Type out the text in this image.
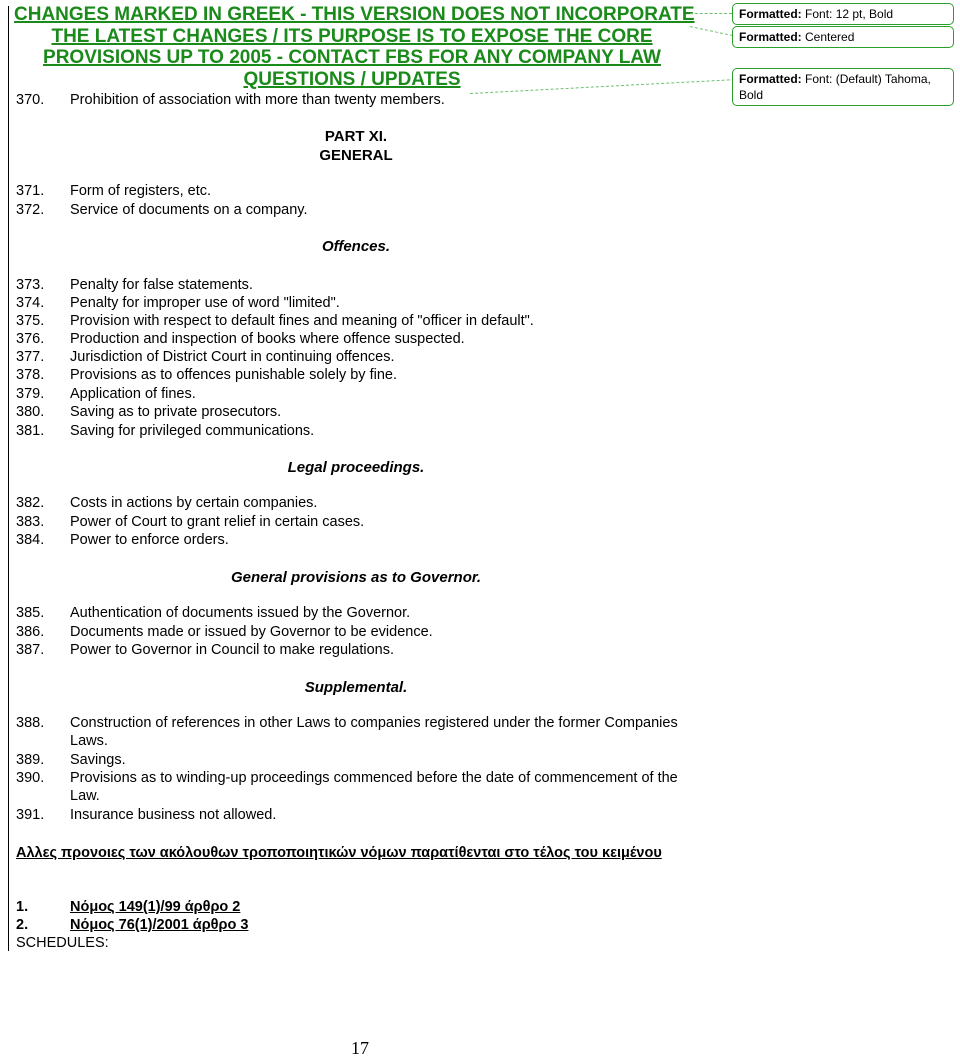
CHANGES MARKED IN GREEK - THIS VERSION DOES NOT INCORPORATE
THE LATEST CHANGES / ITS PURPOSE IS TO EXPOSE THE CORE
PROVISIONS UP TO 2005 - CONTACT FBS FOR ANY COMPANY LAW
QUESTIONS / UPDATES
Formatted: Font: 12 pt, Bold
Formatted: Centered
Formatted: Font: (Default) Tahoma, Bold
370.	Prohibition of association with more than twenty members.
PART XI.
GENERAL
371.	Form of registers, etc.
372.	Service of documents on a company.
Offences.
373.	Penalty for false statements.
374.	Penalty for improper use of word "limited".
375.	Provision with respect to default fines and meaning of "officer in default".
376.	Production and inspection of books where offence suspected.
377.	Jurisdiction of District Court in continuing offences.
378.	Provisions as to offences punishable solely by fine.
379.	Application of fines.
380.	Saving as to private prosecutors.
381.	Saving for privileged communications.
Legal proceedings.
382.	Costs in actions by certain companies.
383.	Power of Court to grant relief in certain cases.
384.	Power to enforce orders.
General provisions as to Governor.
385.	Authentication of documents issued by the Governor.
386.	Documents made or issued by Governor to be evidence.
387.	Power to Governor in Council to make regulations.
Supplemental.
388.	Construction of references in other Laws to companies registered under the former Companies Laws.
389.	Savings.
390.	Provisions as to winding-up proceedings commenced before the date of commencement of the Law.
391.	Insurance business not allowed.
Αλλες προνοιες των ακόλουθων τροποποιητικών νόμων παρατίθενται στο τέλος του κειμένου
1.	Νόμος 149(1)/99 άρθρο 2
2.	Νόμος 76(1)/2001 άρθρο 3
SCHEDULES:
17
